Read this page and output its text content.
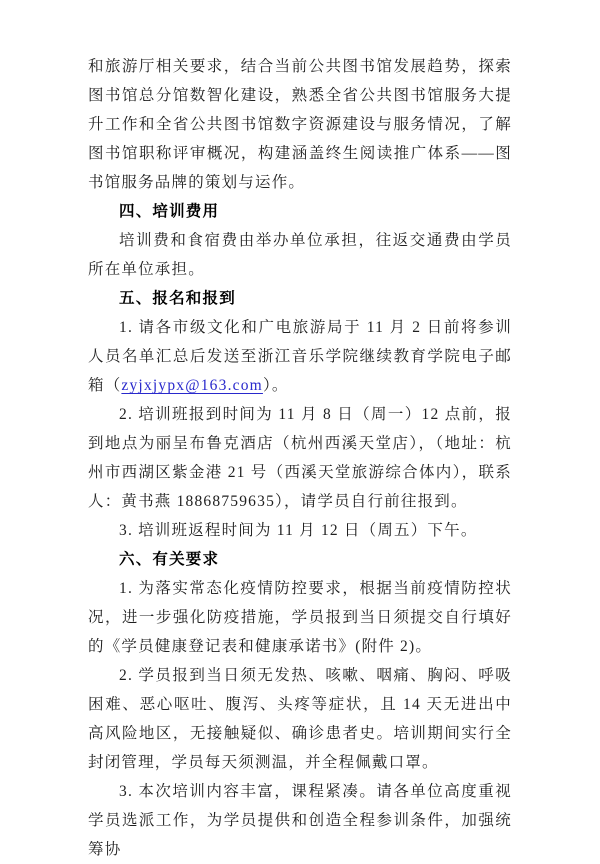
和旅游厅相关要求，结合当前公共图书馆发展趋势，探索图书馆总分馆数智化建设，熟悉全省公共图书馆服务大提升工作和全省公共图书馆数字资源建设与服务情况，了解图书馆职称评审概况，构建涵盖终生阅读推广体系——图书馆服务品牌的策划与运作。

四、培训费用

培训费和食宿费由举办单位承担，往返交通费由学员所在单位承担。

五、报名和报到

1. 请各市级文化和广电旅游局于 11 月 2 日前将参训人员名单汇总后发送至浙江音乐学院继续教育学院电子邮箱（zyjxjypx@163.com）。

2. 培训班报到时间为 11 月 8 日（周一）12 点前，报到地点为丽呈布鲁克酒店（杭州西溪天堂店），（地址：杭州市西湖区紫金港 21 号（西溪天堂旅游综合体内），联系人：黄书燕 18868759635），请学员自行前往报到。

3. 培训班返程时间为 11 月 12 日（周五）下午。

六、有关要求

1. 为落实常态化疫情防控要求，根据当前疫情防控状况，进一步强化防疫措施，学员报到当日须提交自行填好的《学员健康登记表和健康承诺书》(附件 2)。

2. 学员报到当日须无发热、咳嗽、咽痛、胸闷、呼吸困难、恶心呕吐、腹泻、头疼等症状，且 14 天无进出中高风险地区，无接触疑似、确诊患者史。培训期间实行全封闭管理，学员每天须测温，并全程佩戴口罩。

3. 本次培训内容丰富，课程紧凑。请各单位高度重视学员选派工作，为学员提供和创造全程参训条件，加强统筹协
